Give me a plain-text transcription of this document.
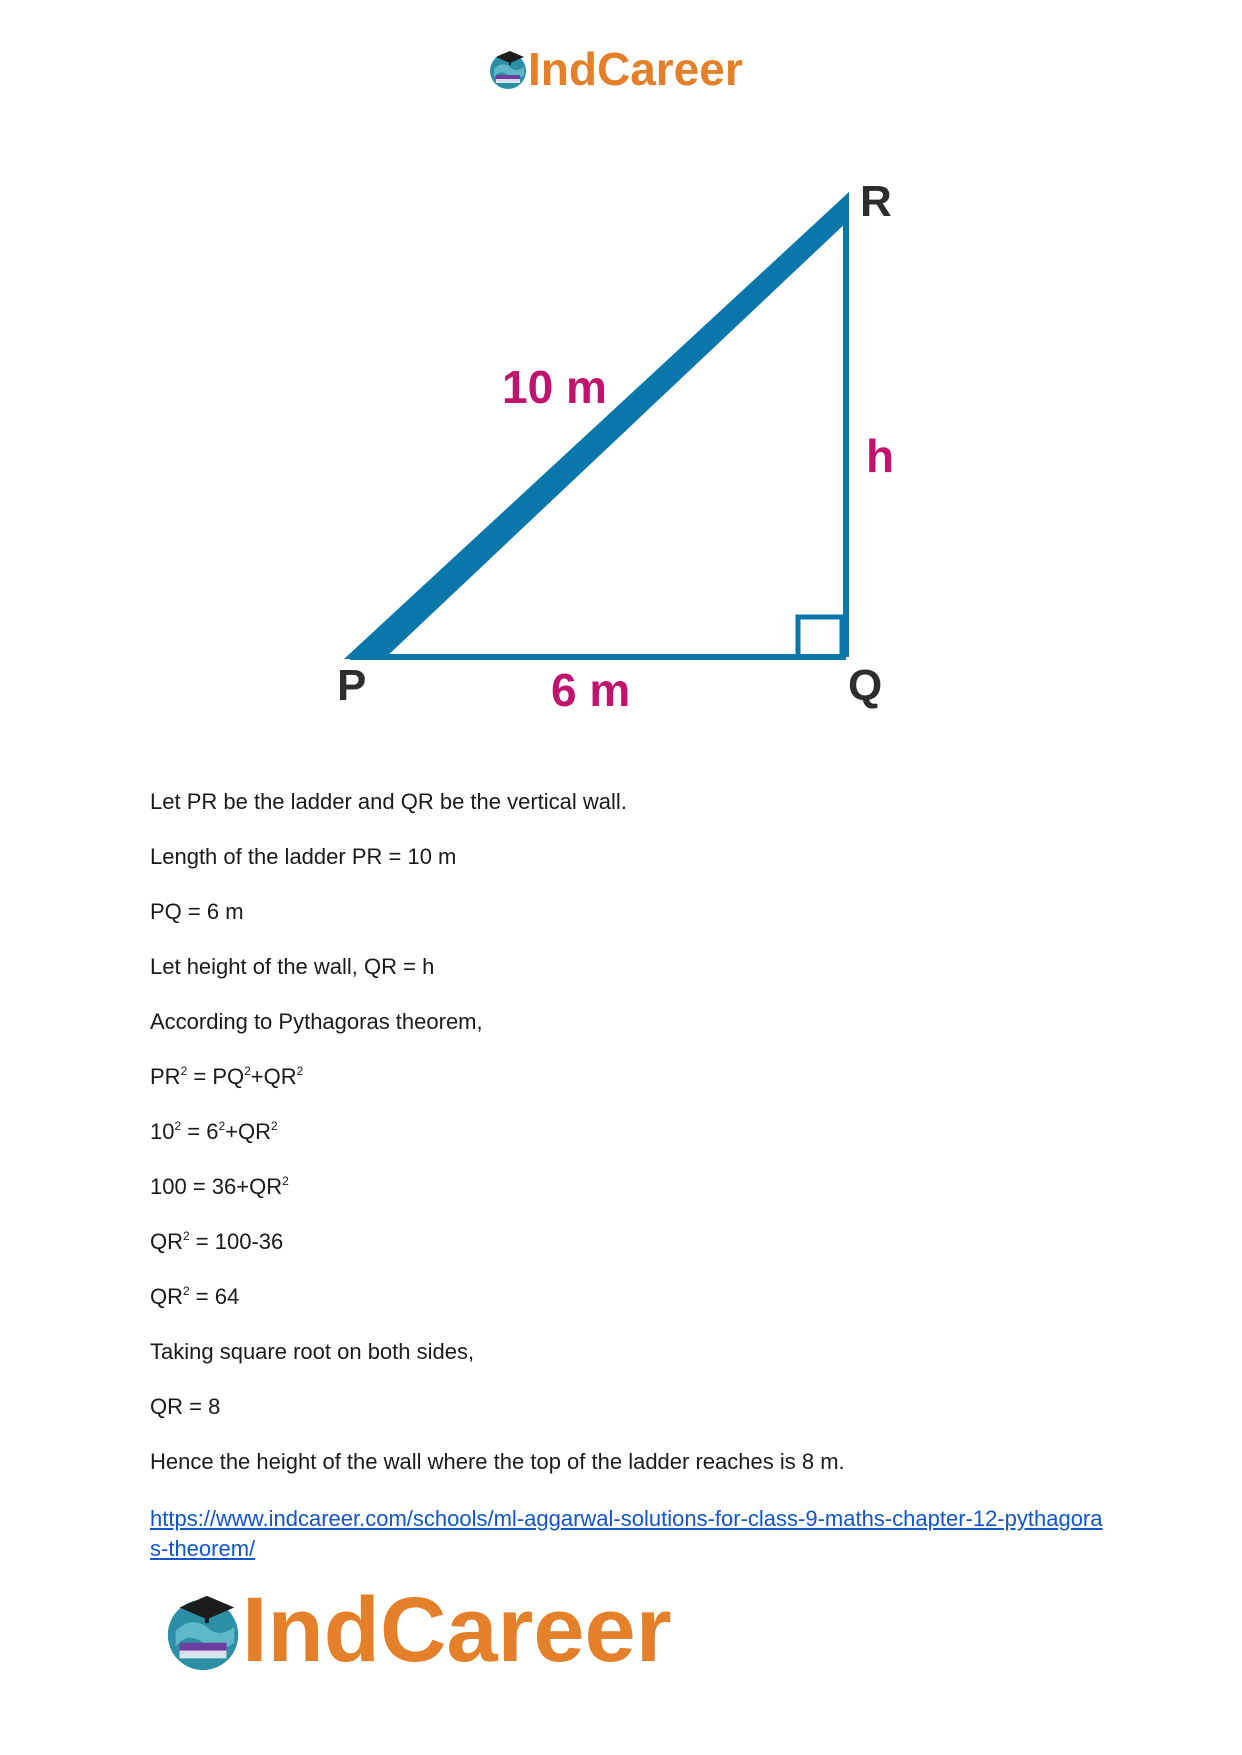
IndCareer
R
P	Q
10 m
6 m
h
Let PR be the ladder and QR be the vertical wall.
Length of the ladder PR = 10 m
PQ = 6 m
Let height of the wall, QR = h
According to Pythagoras theorem,
$PR^2 = PQ^2+QR^2$
$10^2 = 6^2+QR^2$
$100 = 36+QR^2$
$QR^2 = 100-36$
$QR^2 = 64$
Taking square root on both sides,
QR = 8
Hence the height of the wall where the top of the ladder reaches is 8 m.
https://www.indcareer.com/schools/ml-aggarwal-solutions-for-class-9-maths-chapter-12-pythagoras-theorem/
IndCareer
